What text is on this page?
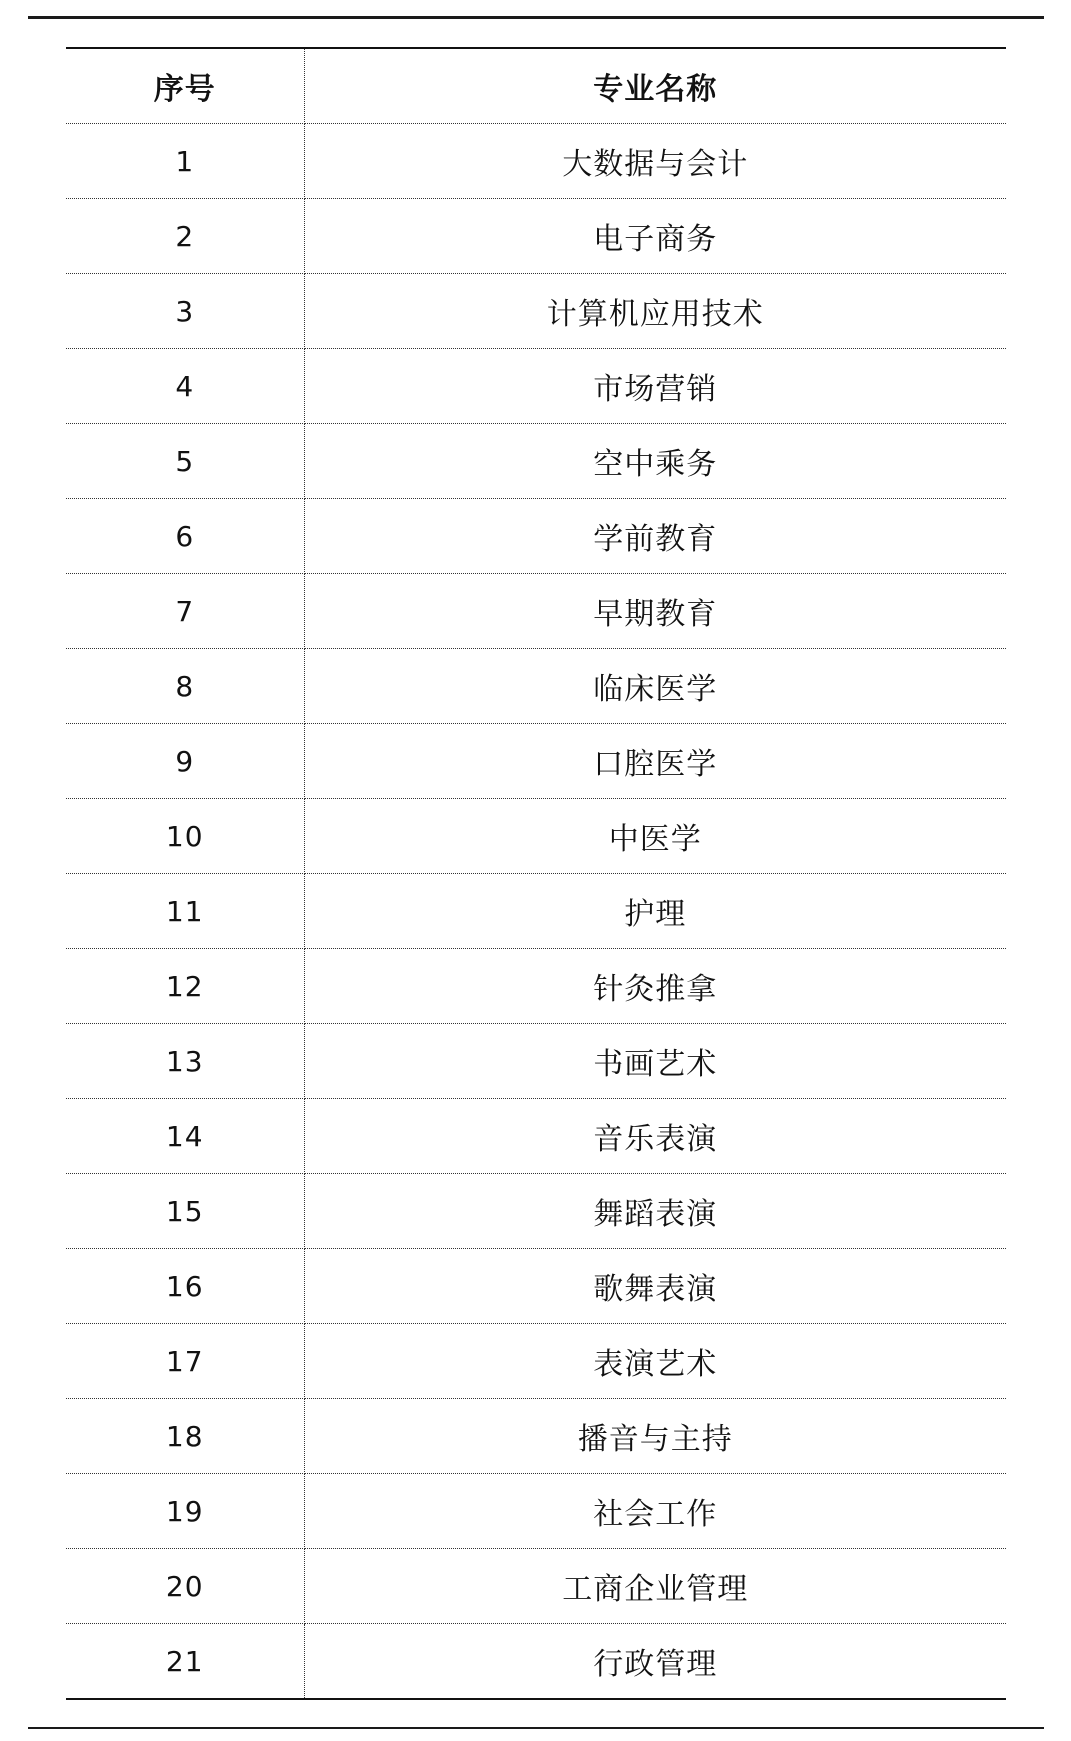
序号	专业名称
1	大数据与会计
2	电子商务
3	计算机应用技术
4	市场营销
5	空中乘务
6	学前教育
7	早期教育
8	临床医学
9	口腔医学
10	中医学
11	护理
12	针灸推拿
13	书画艺术
14	音乐表演
15	舞蹈表演
16	歌舞表演
17	表演艺术
18	播音与主持
19	社会工作
20	工商企业管理
21	行政管理
